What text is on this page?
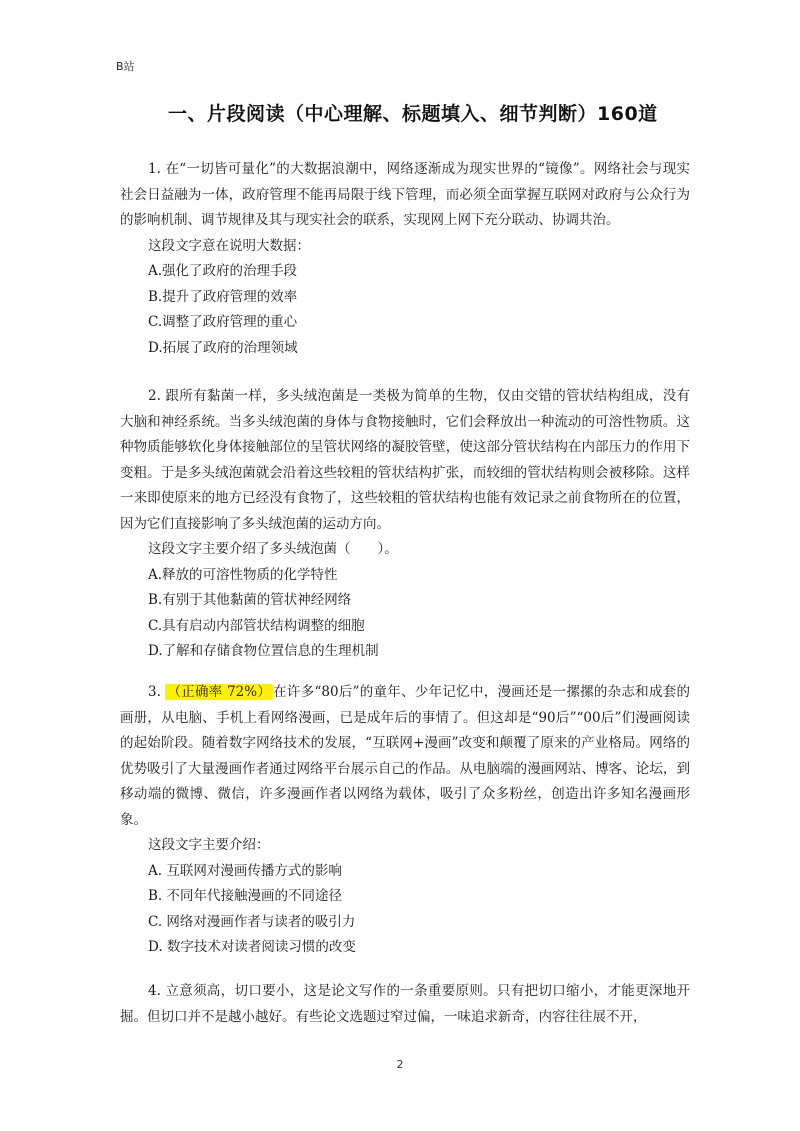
B站
一、片段阅读（中心理解、标题填入、细节判断）160道

1. 在“一切皆可量化”的大数据浪潮中，网络逐渐成为现实世界的“镜像”。网络社会与现实社会日益融为一体，政府管理不能再局限于线下管理，而必须全面掌握互联网对政府与公众行为的影响机制、调节规律及其与现实社会的联系，实现网上网下充分联动、协调共治。

这段文字意在说明大数据：

A.强化了政府的治理手段
B.提升了政府管理的效率
C.调整了政府管理的重心
D.拓展了政府的治理领域

2. 跟所有黏菌一样，多头绒泡菌是一类极为简单的生物，仅由交错的管状结构组成，没有大脑和神经系统。当多头绒泡菌的身体与食物接触时，它们会释放出一种流动的可溶性物质。这种物质能够软化身体接触部位的呈管状网络的凝胶管壁，使这部分管状结构在内部压力的作用下变粗。于是多头绒泡菌就会沿着这些较粗的管状结构扩张，而较细的管状结构则会被移除。这样一来即使原来的地方已经没有食物了，这些较粗的管状结构也能有效记录之前食物所在的位置，因为它们直接影响了多头绒泡菌的运动方向。

这段文字主要介绍了多头绒泡菌（　　）。

A.释放的可溶性物质的化学特性
B.有别于其他黏菌的管状神经网络
C.具有启动内部管状结构调整的细胞
D.了解和存储食物位置信息的生理机制

3. （正确率 72%） 在许多“80后”的童年、少年记忆中，漫画还是一摞摞的杂志和成套的画册，从电脑、手机上看网络漫画，已是成年后的事情了。但这却是“90后”“00后”们漫画阅读的起始阶段。随着数字网络技术的发展，“互联网+漫画”改变和颠覆了原来的产业格局。网络的优势吸引了大量漫画作者通过网络平台展示自己的作品。从电脑端的漫画网站、博客、论坛，到移动端的微博、微信，许多漫画作者以网络为载体，吸引了众多粉丝，创造出许多知名漫画形象。

这段文字主要介绍：

A. 互联网对漫画传播方式的影响
B. 不同年代接触漫画的不同途径
C. 网络对漫画作者与读者的吸引力
D. 数字技术对读者阅读习惯的改变

4. 立意须高，切口要小，这是论文写作的一条重要原则。只有把切口缩小，才能更深地开掘。但切口并不是越小越好。有些论文选题过窄过偏，一味追求新奇，内容往往展不开，

2
